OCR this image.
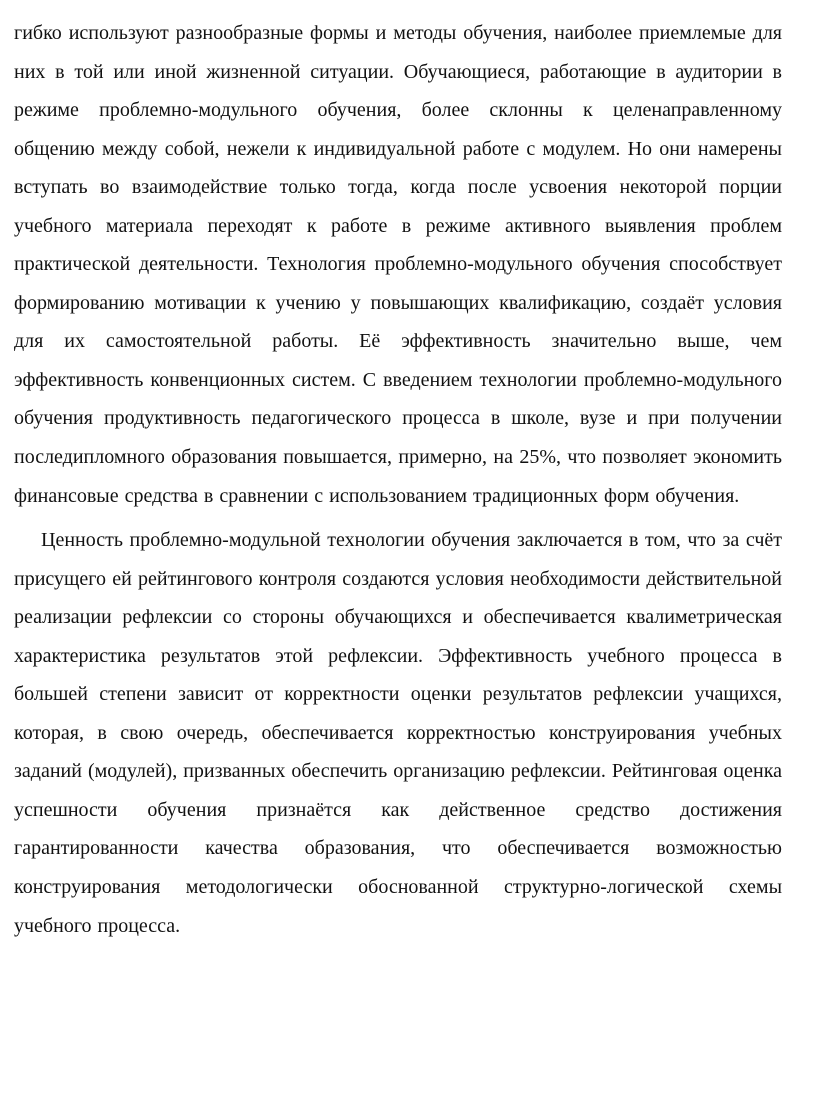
гибко используют разнообразные формы и методы обучения, наиболее приемлемые для них в той или иной жизненной ситуации. Обучающиеся, работающие в аудитории в режиме проблемно-модульного обучения, более склонны к целенаправленному общению между собой, нежели к индивидуальной работе с модулем. Но они намерены вступать во взаимодействие только тогда, когда после усвоения некоторой порции учебного материала переходят к работе в режиме активного выявления проблем практической деятельности. Технология проблемно-модульного обучения способствует формированию мотивации к учению у повышающих квалификацию, создаёт условия для их самостоятельной работы. Её эффективность значительно выше, чем эффективность конвенционных систем. С введением технологии проблемно-модульного обучения продуктивность педагогического процесса в школе, вузе и при получении последипломного образования повышается, примерно, на 25%, что позволяет экономить финансовые средства в сравнении с использованием традиционных форм обучения.

Ценность проблемно-модульной технологии обучения заключается в том, что за счёт присущего ей рейтингового контроля создаются условия необходимости действительной реализации рефлексии со стороны обучающихся и обеспечивается квалиметрическая характеристика результатов этой рефлексии. Эффективность учебного процесса в большей степени зависит от корректности оценки результатов рефлексии учащихся, которая, в свою очередь, обеспечивается корректностью конструирования учебных заданий (модулей), призванных обеспечить организацию рефлексии. Рейтинговая оценка успешности обучения признаётся как действенное средство достижения гарантированности качества образования, что обеспечивается возможностью конструирования методологически обоснованной структурно-логической схемы учебного процесса.
